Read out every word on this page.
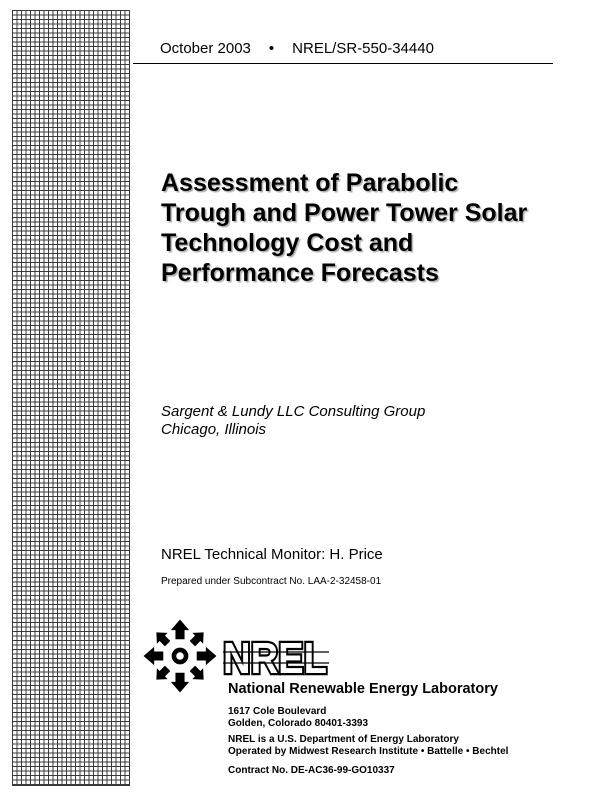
October 2003 • NREL/SR-550-34440
Assessment of Parabolic
Trough and Power Tower Solar
Technology Cost and
Performance Forecasts
Sargent & Lundy LLC Consulting Group
Chicago, Illinois
NREL Technical Monitor: H. Price
Prepared under Subcontract No. LAA-2-32458-01
NREL
National Renewable Energy Laboratory
1617 Cole Boulevard
Golden, Colorado 80401-3393
NREL is a U.S. Department of Energy Laboratory
Operated by Midwest Research Institute • Battelle • Bechtel
Contract No. DE-AC36-99-GO10337
